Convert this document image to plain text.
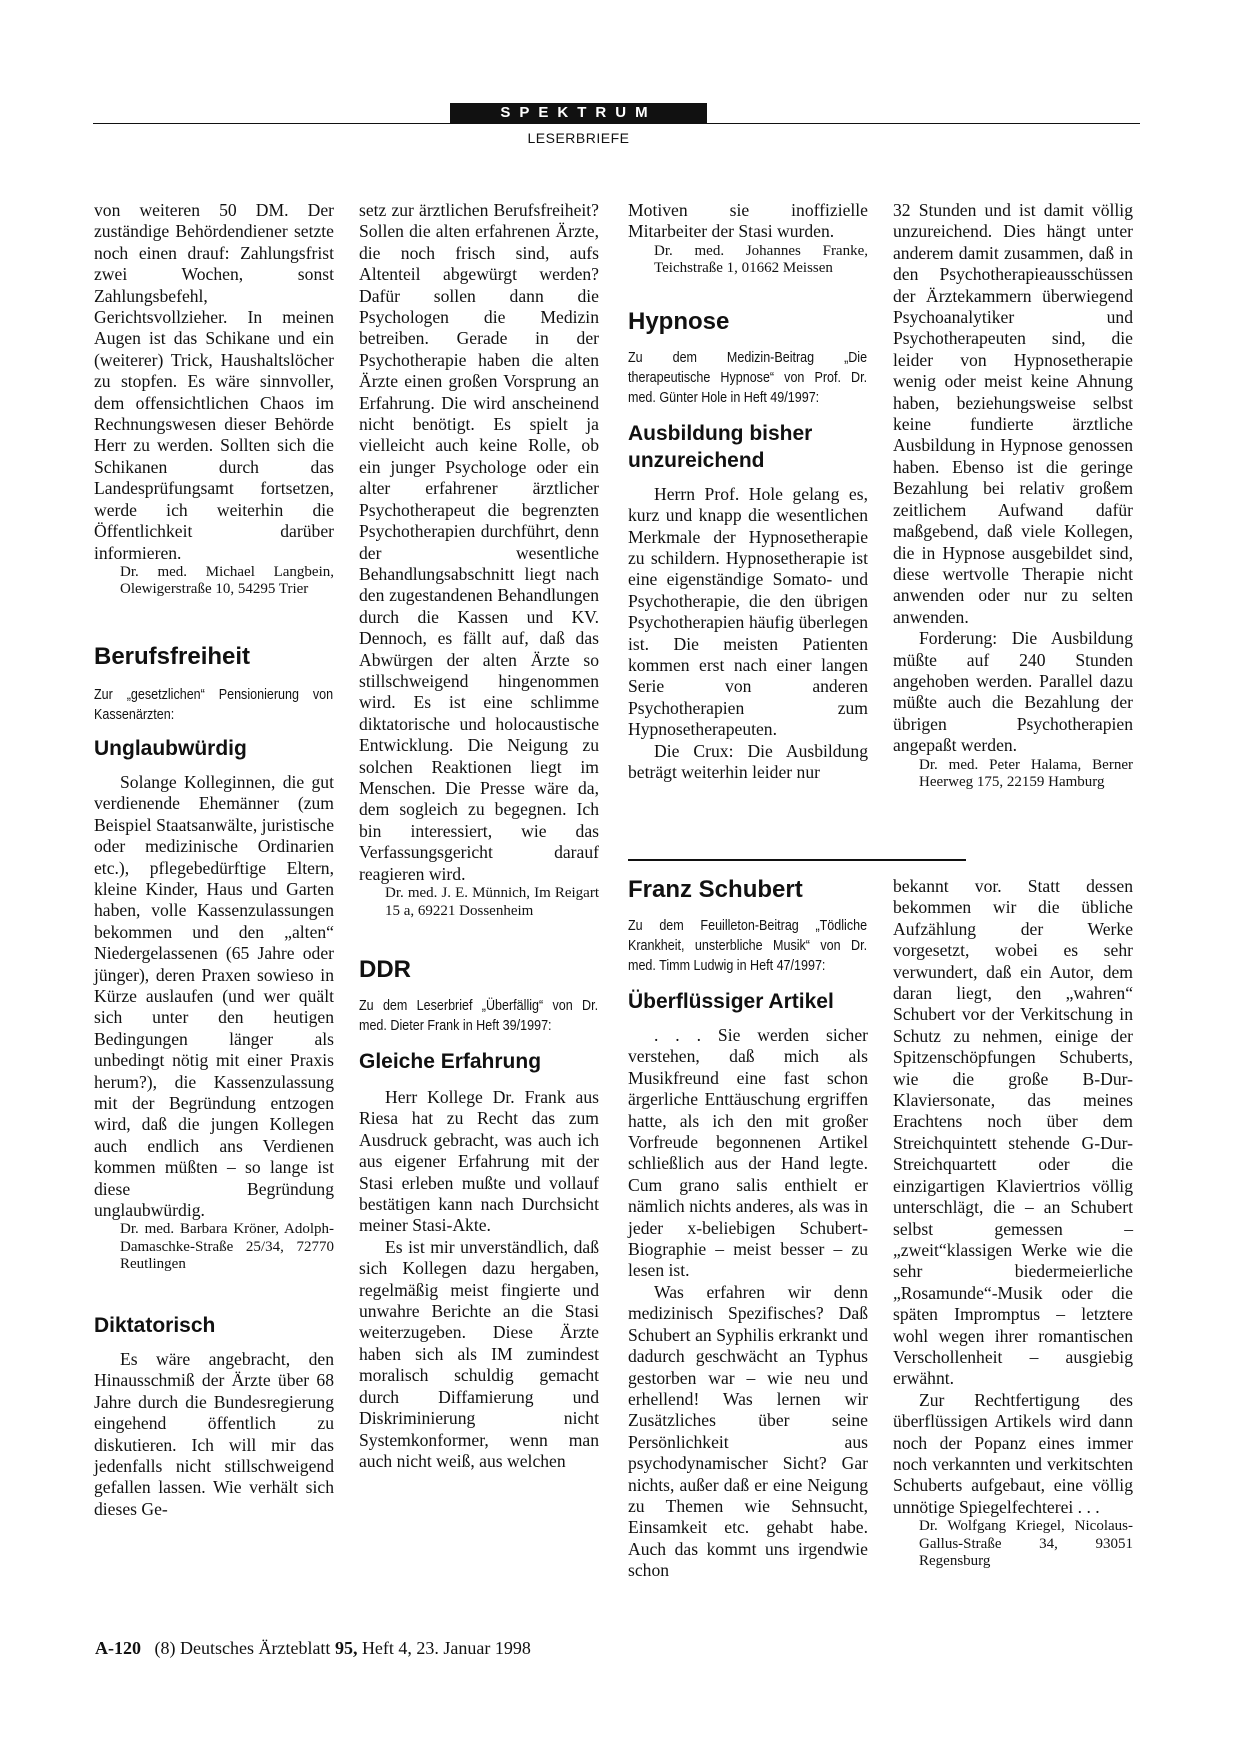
SPEKTRUM
LESERBRIEFE

von weiteren 50 DM. Der zuständige Behördendiener setzte noch einen drauf: Zahlungsfrist zwei Wochen, sonst Zahlungsbefehl, Gerichtsvollzieher. In meinen Augen ist das Schikane und ein (weiterer) Trick, Haushaltslöcher zu stopfen. Es wäre sinnvoller, dem offensichtlichen Chaos im Rechnungswesen dieser Behörde Herr zu werden. Sollten sich die Schikanen durch das Landesprüfungsamt fortsetzen, werde ich weiterhin die Öffentlichkeit darüber informieren.

Dr. med. Michael Langbein, Olewigerstraße 10, 54295 Trier
Berufsfreiheit
Zur „gesetzlichen“ Pensionierung von Kassenärzten:
Unglaubwürdig

Solange Kolleginnen, die gut verdienende Ehemänner (zum Beispiel Staatsanwälte, juristische oder medizinische Ordinarien etc.), pflegebedürftige Eltern, kleine Kinder, Haus und Garten haben, volle Kassenzulassungen bekommen und den „alten“ Niedergelassenen (65 Jahre oder jünger), deren Praxen sowieso in Kürze auslaufen (und wer quält sich unter den heutigen Bedingungen länger als unbedingt nötig mit einer Praxis herum?), die Kassenzulassung mit der Begründung entzogen wird, daß die jungen Kollegen auch endlich ans Verdienen kommen müßten – so lange ist diese Begründung unglaubwürdig.

Dr. med. Barbara Kröner, Adolph-Damaschke-Straße 25/34, 72770 Reutlingen
Diktatorisch

Es wäre angebracht, den Hinausschmiß der Ärzte über 68 Jahre durch die Bundesregierung eingehend öffentlich zu diskutieren. Ich will mir das jedenfalls nicht stillschweigend gefallen lassen. Wie verhält sich dieses Ge-

setz zur ärztlichen Berufsfreiheit? Sollen die alten erfahrenen Ärzte, die noch frisch sind, aufs Altenteil abgewürgt werden? Dafür sollen dann die Psychologen die Medizin betreiben. Gerade in der Psychotherapie haben die alten Ärzte einen großen Vorsprung an Erfahrung. Die wird anscheinend nicht benötigt. Es spielt ja vielleicht auch keine Rolle, ob ein junger Psychologe oder ein alter erfahrener ärztlicher Psychotherapeut die begrenzten Psychotherapien durchführt, denn der wesentliche Behandlungsabschnitt liegt nach den zugestandenen Behandlungen durch die Kassen und KV. Dennoch, es fällt auf, daß das Abwürgen der alten Ärzte so stillschweigend hingenommen wird. Es ist eine schlimme diktatorische und holocaustische Entwicklung. Die Neigung zu solchen Reaktionen liegt im Menschen. Die Presse wäre da, dem sogleich zu begegnen. Ich bin interessiert, wie das Verfassungsgericht darauf reagieren wird.

Dr. med. J. E. Münnich, Im Reigart 15 a, 69221 Dossenheim
DDR
Zu dem Leserbrief „Überfällig“ von Dr. med. Dieter Frank in Heft 39/1997:
Gleiche Erfahrung

Herr Kollege Dr. Frank aus Riesa hat zu Recht das zum Ausdruck gebracht, was auch ich aus eigener Erfahrung mit der Stasi erleben mußte und vollauf bestätigen kann nach Durchsicht meiner Stasi-Akte.

Es ist mir unverständlich, daß sich Kollegen dazu hergaben, regelmäßig meist fingierte und unwahre Berichte an die Stasi weiterzugeben. Diese Ärzte haben sich als IM zumindest moralisch schuldig gemacht durch Diffamierung und Diskriminierung nicht Systemkonformer, wenn man auch nicht weiß, aus welchen

Motiven sie inoffizielle Mitarbeiter der Stasi wurden.

Dr. med. Johannes Franke, Teichstraße 1, 01662 Meissen
Hypnose
Zu dem Medizin-Beitrag „Die therapeutische Hypnose“ von Prof. Dr. med. Günter Hole in Heft 49/1997:
Ausbildung bisher unzureichend

Herrn Prof. Hole gelang es, kurz und knapp die wesentlichen Merkmale der Hypnosetherapie zu schildern. Hypnosetherapie ist eine eigenständige Somato- und Psychotherapie, die den übrigen Psychotherapien häufig überlegen ist. Die meisten Patienten kommen erst nach einer langen Serie von anderen Psychotherapien zum Hypnosetherapeuten.

Die Crux: Die Ausbildung beträgt weiterhin leider nur

Franz Schubert
Zu dem Feuilleton-Beitrag „Tödliche Krankheit, unsterbliche Musik“ von Dr. med. Timm Ludwig in Heft 47/1997:
Überflüssiger Artikel

. . . Sie werden sicher verstehen, daß mich als Musikfreund eine fast schon ärgerliche Enttäuschung ergriffen hatte, als ich den mit großer Vorfreude begonnenen Artikel schließlich aus der Hand legte. Cum grano salis enthielt er nämlich nichts anderes, als was in jeder x-beliebigen Schubert-Biographie – meist besser – zu lesen ist.

Was erfahren wir denn medizinisch Spezifisches? Daß Schubert an Syphilis erkrankt und dadurch geschwächt an Typhus gestorben war – wie neu und erhellend! Was lernen wir Zusätzliches über seine Persönlichkeit aus psychodynamischer Sicht? Gar nichts, außer daß er eine Neigung zu Themen wie Sehnsucht, Einsamkeit etc. gehabt habe. Auch das kommt uns irgendwie schon

32 Stunden und ist damit völlig unzureichend. Dies hängt unter anderem damit zusammen, daß in den Psychotherapieausschüssen der Ärztekammern überwiegend Psychoanalytiker und Psychotherapeuten sind, die leider von Hypnosetherapie wenig oder meist keine Ahnung haben, beziehungsweise selbst keine fundierte ärztliche Ausbildung in Hypnose genossen haben. Ebenso ist die geringe Bezahlung bei relativ großem zeitlichem Aufwand dafür maßgebend, daß viele Kollegen, die in Hypnose ausgebildet sind, diese wertvolle Therapie nicht anwenden oder nur zu selten anwenden.

Forderung: Die Ausbildung müßte auf 240 Stunden angehoben werden. Parallel dazu müßte auch die Bezahlung der übrigen Psychotherapien angepaßt werden.

Dr. med. Peter Halama, Berner Heerweg 175, 22159 Hamburg

bekannt vor. Statt dessen bekommen wir die übliche Aufzählung der Werke vorgesetzt, wobei es sehr verwundert, daß ein Autor, dem daran liegt, den „wahren“ Schubert vor der Verkitschung in Schutz zu nehmen, einige der Spitzenschöpfungen Schuberts, wie die große B-Dur-Klaviersonate, das meines Erachtens noch über dem Streichquintett stehende G-Dur-Streichquartett oder die einzigartigen Klaviertrios völlig unterschlägt, die – an Schubert selbst gemessen – „zweit“klassigen Werke wie die sehr biedermeierliche „Rosamunde“-Musik oder die späten Impromptus – letztere wohl wegen ihrer romantischen Verschollenheit – ausgiebig erwähnt.

Zur Rechtfertigung des überflüssigen Artikels wird dann noch der Popanz eines immer noch verkannten und verkitschten Schuberts aufgebaut, eine völlig unnötige Spiegelfechterei . . .

Dr. Wolfgang Kriegel, Nicolaus-Gallus-Straße 34, 93051 Regensburg
A-120 (8) Deutsches Ärzteblatt 95, Heft 4, 23. Januar 1998
